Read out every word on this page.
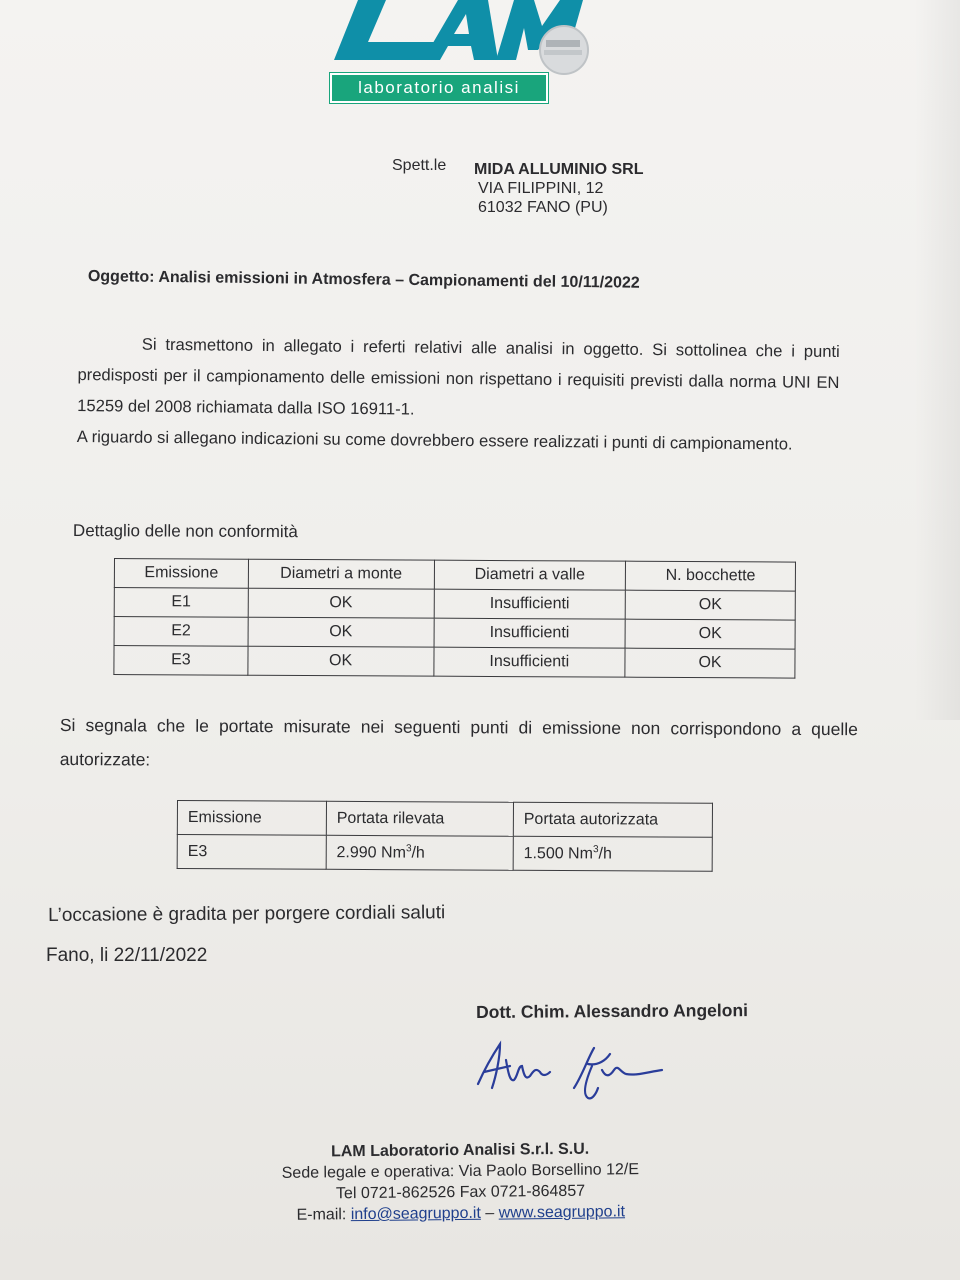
laboratorio analisi
Spett.le MIDA ALLUMINIO SRL
VIA FILIPPINI, 12
61032 FANO (PU)
Oggetto: Analisi emissioni in Atmosfera – Campionamenti del 10/11/2022

Si trasmettono in allegato i referti relativi alle analisi in oggetto. Si sottolinea che i punti predisposti per il campionamento delle emissioni non rispettano i requisiti previsti dalla norma UNI EN 15259 del 2008 richiamata dalla ISO 16911-1.

A riguardo si allegano indicazioni su come dovrebbero essere realizzati i punti di campionamento.

Dettaglio delle non conformità
Emissione	Diametri a monte	Diametri a valle	N. bocchette
E1	OK	Insufficienti	OK
E2	OK	Insufficienti	OK
E3	OK	Insufficienti	OK
Si segnala che le portate misurate nei seguenti punti di emissione non corrispondono a quelle autorizzate:
Emissione	Portata rilevata	Portata autorizzata
E3	2.990 Nm$^3$/h	1.500 Nm$^3$/h
L’occasione è gradita per porgere cordiali saluti
Fano, li 22/11/2022
Dott. Chim. Alessandro Angeloni
LAM Laboratorio Analisi S.r.l. S.U.
Sede legale e operativa: Via Paolo Borsellino 12/E
Tel 0721-862526 Fax 0721-864857
E-mail: info@seagruppo.it – www.seagruppo.it
